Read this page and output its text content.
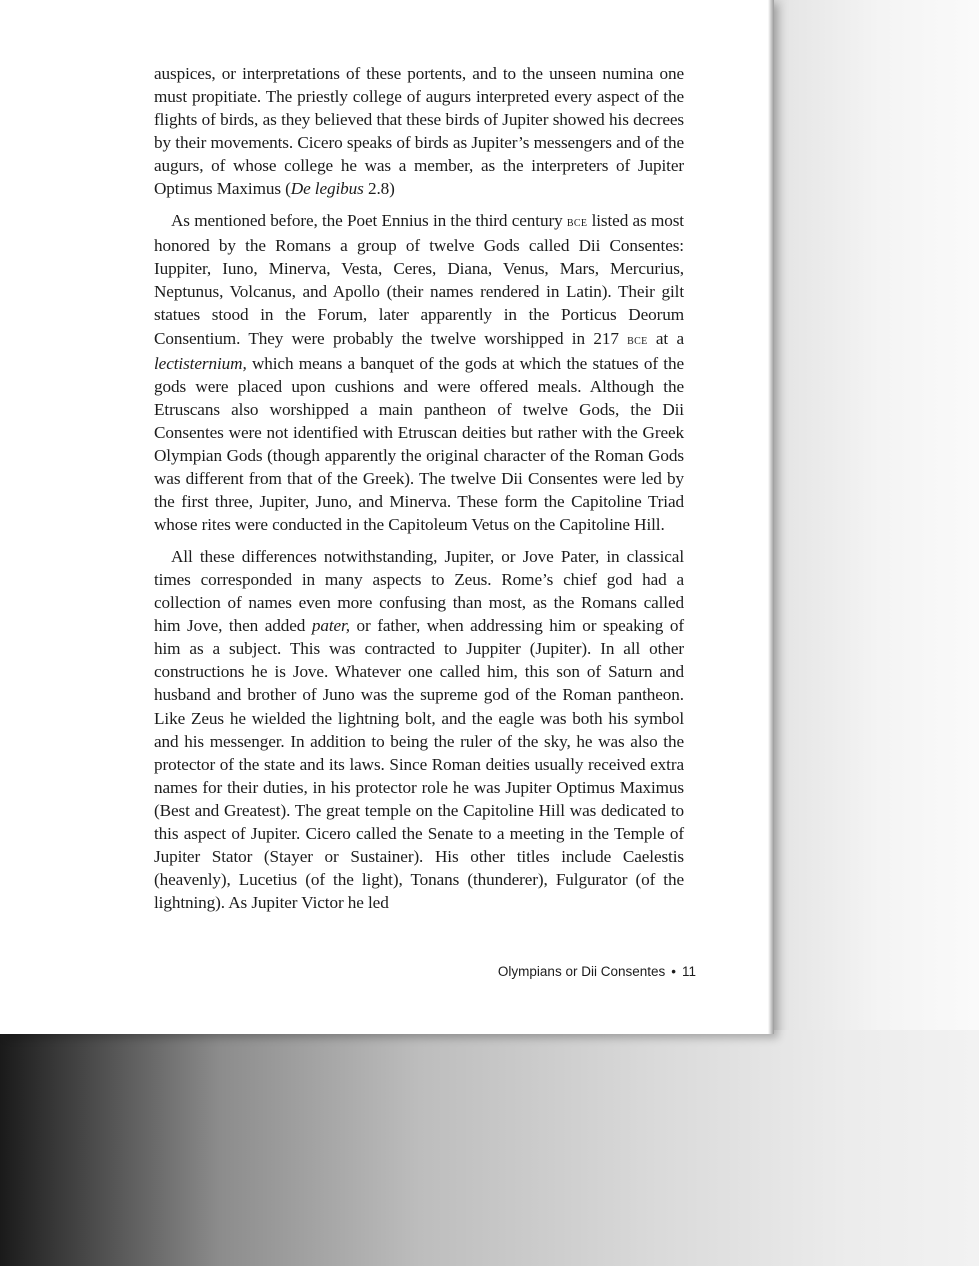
auspices, or interpretations of these portents, and to the unseen numina one must propitiate. The priestly college of augurs interpreted every aspect of the flights of birds, as they believed that these birds of Jupiter showed his decrees by their movements. Cicero speaks of birds as Jupiter’s messengers and of the augurs, of whose college he was a member, as the interpreters of Jupiter Optimus Maximus (De legibus 2.8)

As mentioned before, the Poet Ennius in the third century bce listed as most honored by the Romans a group of twelve Gods called Dii Consentes: Iuppiter, Iuno, Minerva, Vesta, Ceres, Diana, Venus, Mars, Mercurius, Neptunus, Volcanus, and Apollo (their names rendered in Latin). Their gilt statues stood in the Forum, later apparently in the Porticus Deorum Consentium. They were probably the twelve worshipped in 217 bce at a lectisternium, which means a banquet of the gods at which the statues of the gods were placed upon cushions and were offered meals. Although the Etruscans also worshipped a main pantheon of twelve Gods, the Dii Consentes were not identified with Etruscan deities but rather with the Greek Olympian Gods (though apparently the original character of the Roman Gods was different from that of the Greek). The twelve Dii Consentes were led by the first three, Jupiter, Juno, and Minerva. These form the Capitoline Triad whose rites were conducted in the Capitoleum Vetus on the Capitoline Hill.

All these differences notwithstanding, Jupiter, or Jove Pater, in classical times corresponded in many aspects to Zeus. Rome’s chief god had a collection of names even more confusing than most, as the Romans called him Jove, then added pater, or father, when addressing him or speaking of him as a subject. This was contracted to Juppiter (Jupiter). In all other constructions he is Jove. Whatever one called him, this son of Saturn and husband and brother of Juno was the supreme god of the Roman pantheon. Like Zeus he wielded the lightning bolt, and the eagle was both his symbol and his messenger. In addition to being the ruler of the sky, he was also the protector of the state and its laws. Since Roman deities usually received extra names for their duties, in his protector role he was Jupiter Optimus Maximus (Best and Greatest). The great temple on the Capitoline Hill was dedicated to this aspect of Jupiter. Cicero called the Senate to a meeting in the Temple of Jupiter Stator (Stayer or Sustainer). His other titles include Caelestis (heavenly), Lucetius (of the light), Tonans (thunderer), Fulgurator (of the lightning). As Jupiter Victor he led

Olympians or Dii Consentes • 11
